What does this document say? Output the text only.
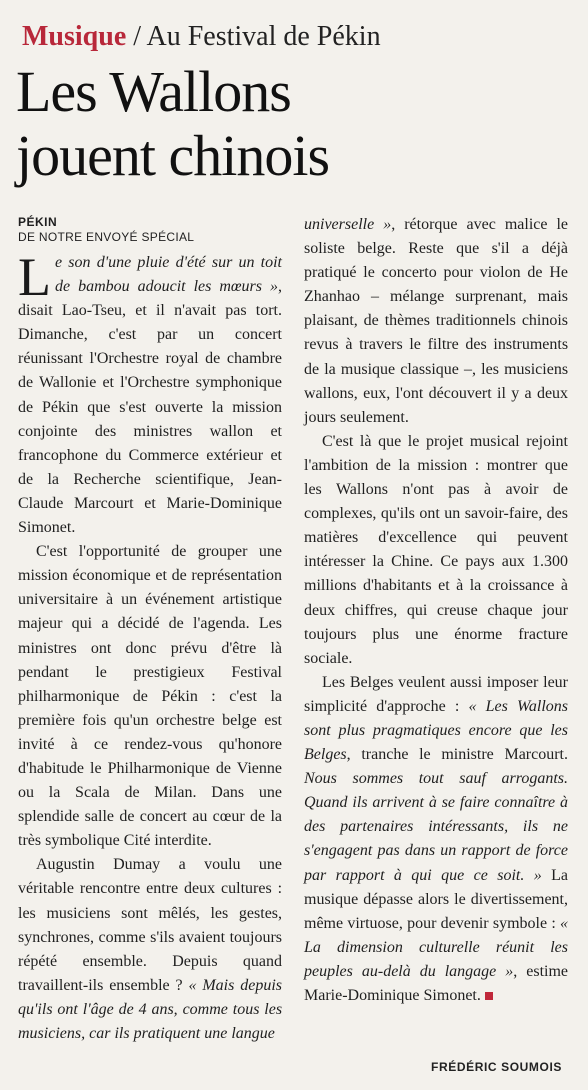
Musique / Au Festival de Pékin
Les Wallons
jouent chinois
PÉKIN
DE NOTRE ENVOYÉ SPÉCIAL

Le son d'une pluie d'été sur un toit de bambou adoucit les mœurs », disait Lao-Tseu, et il n'avait pas tort. Dimanche, c'est par un concert réunissant l'Orchestre royal de chambre de Wallonie et l'Orchestre symphonique de Pékin que s'est ouverte la mission conjointe des ministres wallon et francophone du Commerce extérieur et de la Recherche scientifique, Jean-Claude Marcourt et Marie-Dominique Simonet.

C'est l'opportunité de grouper une mission économique et de représentation universitaire à un événement artistique majeur qui a décidé de l'agenda. Les ministres ont donc prévu d'être là pendant le prestigieux Festival philharmonique de Pékin : c'est la première fois qu'un orchestre belge est invité à ce rendez-vous qu'honore d'habitude le Philharmonique de Vienne ou la Scala de Milan. Dans une splendide salle de concert au cœur de la très symbolique Cité interdite.

Augustin Dumay a voulu une véritable rencontre entre deux cultures : les musiciens sont mêlés, les gestes, synchrones, comme s'ils avaient toujours répété ensemble. Depuis quand travaillent-ils ensemble ? « Mais depuis qu'ils ont l'âge de 4 ans, comme tous les musiciens, car ils pratiquent une langue

universelle », rétorque avec malice le soliste belge. Reste que s'il a déjà pratiqué le concerto pour violon de He Zhanhao – mélange surprenant, mais plaisant, de thèmes traditionnels chinois revus à travers le filtre des instruments de la musique classique –, les musiciens wallons, eux, l'ont découvert il y a deux jours seulement.

C'est là que le projet musical rejoint l'ambition de la mission : montrer que les Wallons n'ont pas à avoir de complexes, qu'ils ont un savoir-faire, des matières d'excellence qui peuvent intéresser la Chine. Ce pays aux 1.300 millions d'habitants et à la croissance à deux chiffres, qui creuse chaque jour toujours plus une énorme fracture sociale.

Les Belges veulent aussi imposer leur simplicité d'approche : « Les Wallons sont plus pragmatiques encore que les Belges, tranche le ministre Marcourt. Nous sommes tout sauf arrogants. Quand ils arrivent à se faire connaître à des partenaires intéressants, ils ne s'engagent pas dans un rapport de force par rapport à qui que ce soit. » La musique dépasse alors le divertissement, même virtuose, pour devenir symbole : « La dimension culturelle réunit les peuples au-delà du langage », estime Marie-Dominique Simonet.

FRÉDÉRIC SOUMOIS
